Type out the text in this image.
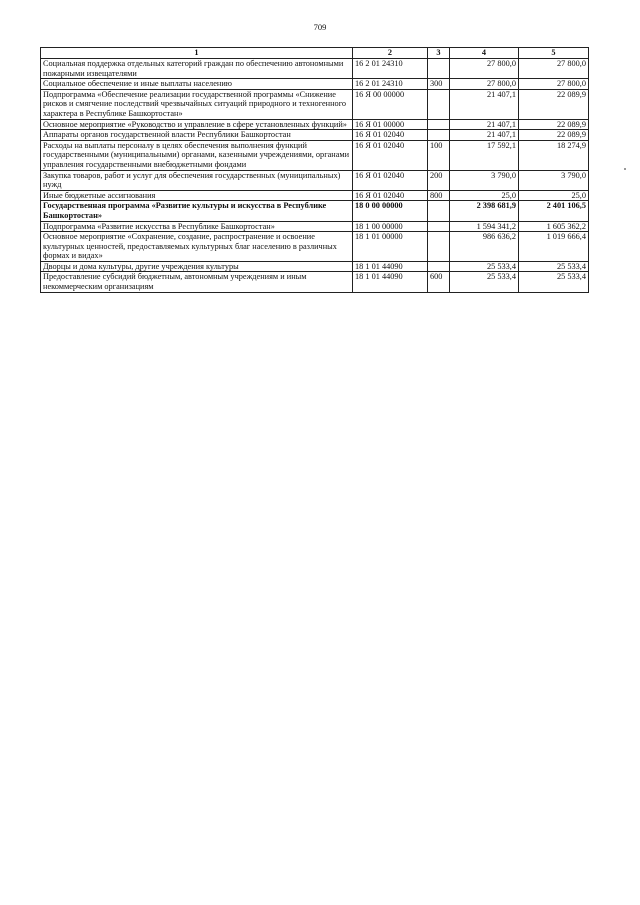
709
1	2	3	4	5
Социальная поддержка отдельных категорий граждан по обеспечению автономными пожарными извещателями	16 2 01 24310		27 800,0	27 800,0
Социальное обеспечение и иные выплаты населению	16 2 01 24310	300	27 800,0	27 800,0
Подпрограмма «Обеспечение реализации государственной программы «Снижение рисков и смягчение последствий чрезвычайных ситуаций природного и техногенного характера в Республике Башкортостан»	16 Я 00 00000		21 407,1	22 089,9
Основное мероприятие «Руководство и управление в сфере установленных функций»	16 Я 01 00000		21 407,1	22 089,9
Аппараты органов государственной власти Республики Башкортостан	16 Я 01 02040		21 407,1	22 089,9
Расходы на выплаты персоналу в целях обеспечения выполнения функций государственными (муниципальными) органами, казенными учреждениями, органами управления государственными внебюджетными фондами	16 Я 01 02040	100	17 592,1	18 274,9
Закупка товаров, работ и услуг для обеспечения государственных (муниципальных) нужд	16 Я 01 02040	200	3 790,0	3 790,0
Иные бюджетные ассигнования	16 Я 01 02040	800	25,0	25,0
Государственная программа «Развитие культуры и искусства в Республике Башкортостан»	18 0 00 00000		2 398 681,9	2 401 106,5
Подпрограмма «Развитие искусства в Республике Башкортостан»	18 1 00 00000		1 594 341,2	1 605 362,2
Основное мероприятие «Сохранение, создание, распространение и освоение культурных ценностей, предоставляемых культурных благ населению в различных формах и видах»	18 1 01 00000		986 636,2	1 019 666,4
Дворцы и дома культуры, другие учреждения культуры	18 1 01 44090		25 533,4	25 533,4
Предоставление субсидий бюджетным, автономным учреждениям и иным некоммерческим организациям	18 1 01 44090	600	25 533,4	25 533,4
